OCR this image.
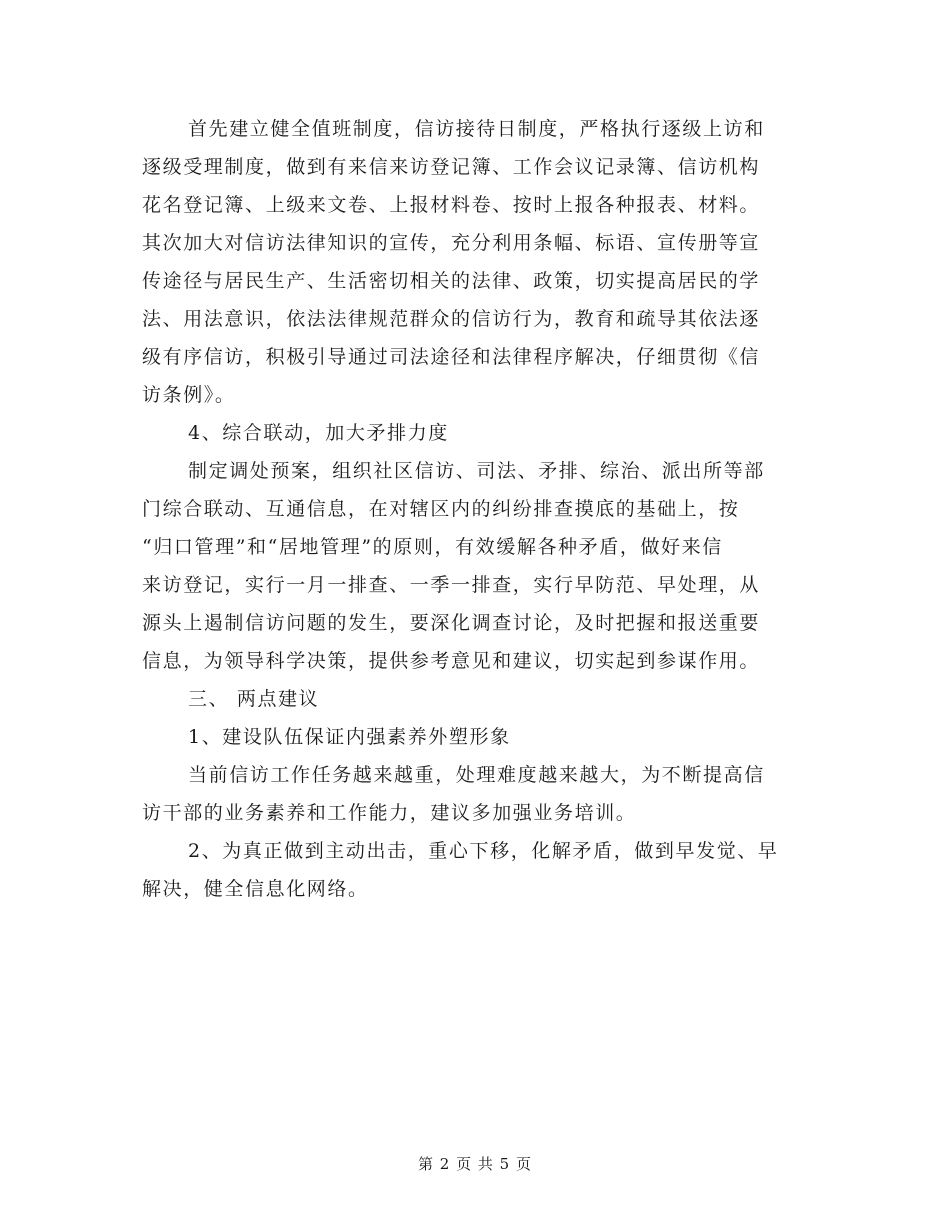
首先建立健全值班制度，信访接待日制度，严格执行逐级上访和
逐级受理制度，做到有来信来访登记簿、工作会议记录簿、信访机构
花名登记簿、上级来文卷、上报材料卷、按时上报各种报表、材料。
其次加大对信访法律知识的宣传，充分利用条幅、标语、宣传册等宣
传途径与居民生产、生活密切相关的法律、政策，切实提高居民的学
法、用法意识，依法法律规范群众的信访行为，教育和疏导其依法逐
级有序信访，积极引导通过司法途径和法律程序解决，仔细贯彻《信
访条例》。
4、综合联动，加大矛排力度
制定调处预案，组织社区信访、司法、矛排、综治、派出所等部
门综合联动、互通信息，在对辖区内的纠纷排查摸底的基础上，按
“归口管理”和“居地管理”的原则，有效缓解各种矛盾，做好来信
来访登记，实行一月一排查、一季一排查，实行早防范、早处理，从
源头上遏制信访问题的发生，要深化调查讨论，及时把握和报送重要
信息，为领导科学决策，提供参考意见和建议，切实起到参谋作用。
三、 两点建议
1、建设队伍保证内强素养外塑形象
当前信访工作任务越来越重，处理难度越来越大，为不断提高信
访干部的业务素养和工作能力，建议多加强业务培训。
2、为真正做到主动出击，重心下移，化解矛盾，做到早发觉、早
解决，健全信息化网络。
第 2 页 共 5 页
